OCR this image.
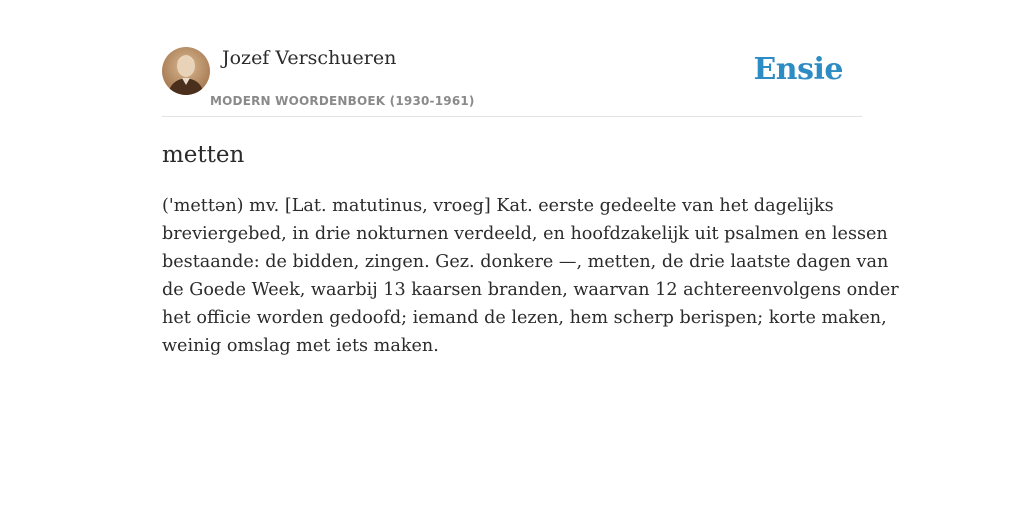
Jozef Verschueren
MODERN WOORDENBOEK (1930-1961)
Ensie
metten

('mettən) mv. [Lat. matutinus, vroeg] Kat. eerste gedeelte van het dagelijks
breviergebed, in drie nokturnen verdeeld, en hoofdzakelijk uit psalmen en lessen
bestaande: de bidden, zingen. Gez. donkere —, metten, de drie laatste dagen van
de Goede Week, waarbij 13 kaarsen branden, waarvan 12 achtereenvolgens onder
het officie worden gedoofd; iemand de lezen, hem scherp berispen; korte maken,
weinig omslag met iets maken.
